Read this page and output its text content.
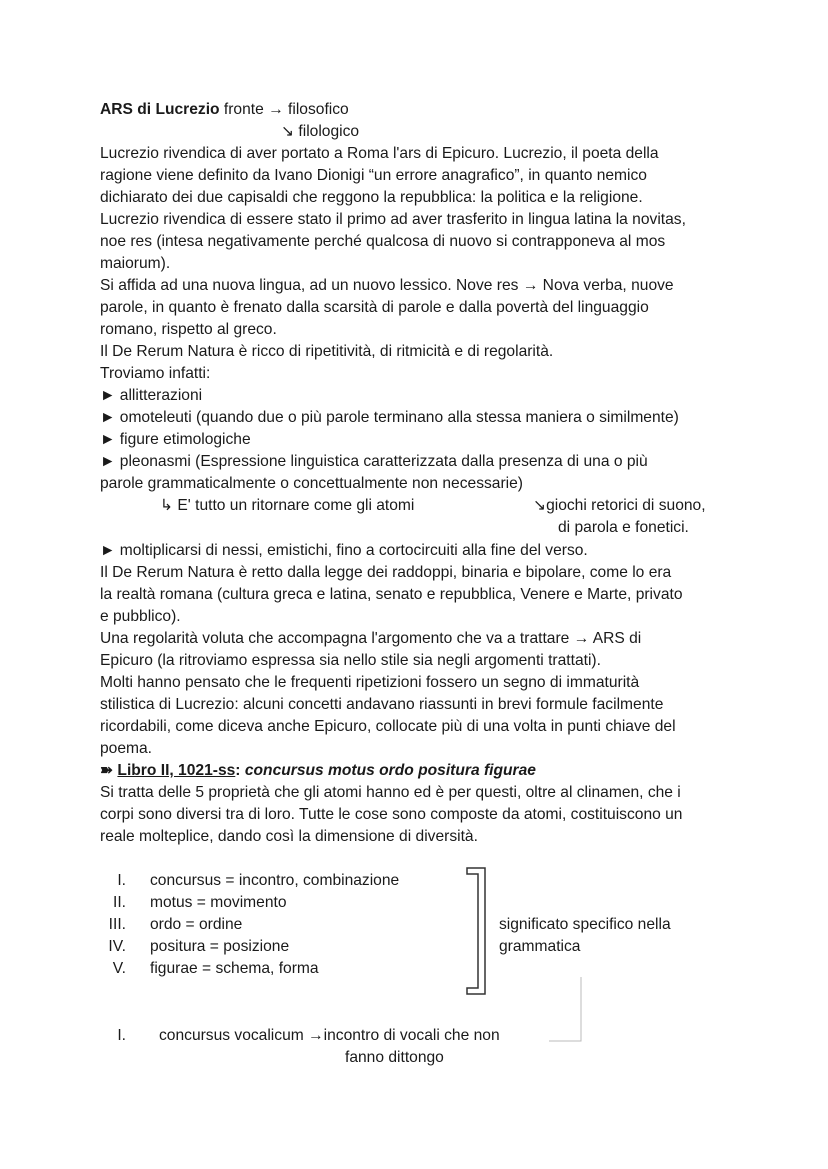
ARS di Lucrezio fronte → filosofico
↘ filologico
Lucrezio rivendica di aver portato a Roma l'ars di Epicuro. Lucrezio, il poeta della
ragione viene definito da Ivano Dionigi “un errore anagrafico”, in quanto nemico
dichiarato dei due capisaldi che reggono la repubblica: la politica e la religione.
Lucrezio rivendica di essere stato il primo ad aver trasferito in lingua latina la novitas,
noe res (intesa negativamente perché qualcosa di nuovo si contrapponeva al mos
maiorum).
Si affida ad una nuova lingua, ad un nuovo lessico. Nove res → Nova verba, nuove
parole, in quanto è frenato dalla scarsità di parole e dalla povertà del linguaggio
romano, rispetto al greco.
Il De Rerum Natura è ricco di ripetitività, di ritmicità e di regolarità.
Troviamo infatti:
► allitterazioni
► omoteleuti (quando due o più parole terminano alla stessa maniera o similmente)
► figure etimologiche
► pleonasmi (Espressione linguistica caratterizzata dalla presenza di una o più
parole grammaticalmente o concettualmente non necessarie)
↳ E' tutto un ritornare come gli atomi	↘giochi retorici di suono,
di parola e fonetici.
► moltiplicarsi di nessi, emistichi, fino a cortocircuiti alla fine del verso.
Il De Rerum Natura è retto dalla legge dei raddoppi, binaria e bipolare, come lo era
la realtà romana (cultura greca e latina, senato e repubblica, Venere e Marte, privato
e pubblico).
Una regolarità voluta che accompagna l'argomento che va a trattare → ARS di
Epicuro (la ritroviamo espressa sia nello stile sia negli argomenti trattati).
Molti hanno pensato che le frequenti ripetizioni fossero un segno di immaturità
stilistica di Lucrezio: alcuni concetti andavano riassunti in brevi formule facilmente
ricordabili, come diceva anche Epicuro, collocate più di una volta in punti chiave del
poema.
➽ Libro II, 1021-ss: concursus motus ordo positura figurae
Si tratta delle 5 proprietà che gli atomi hanno ed è per questi, oltre al clinamen, che i
corpi sono diversi tra di loro. Tutte le cose sono composte da atomi, costituiscono un
reale molteplice, dando così la dimensione di diversità.
I. concursus = incontro, combinazione
II. motus = movimento
III. ordo = ordine
IV. positura = posizione
V. figurae = schema, forma
significato specifico nella
grammatica
I. concursus vocalicum →incontro di vocali che non
fanno dittongo
